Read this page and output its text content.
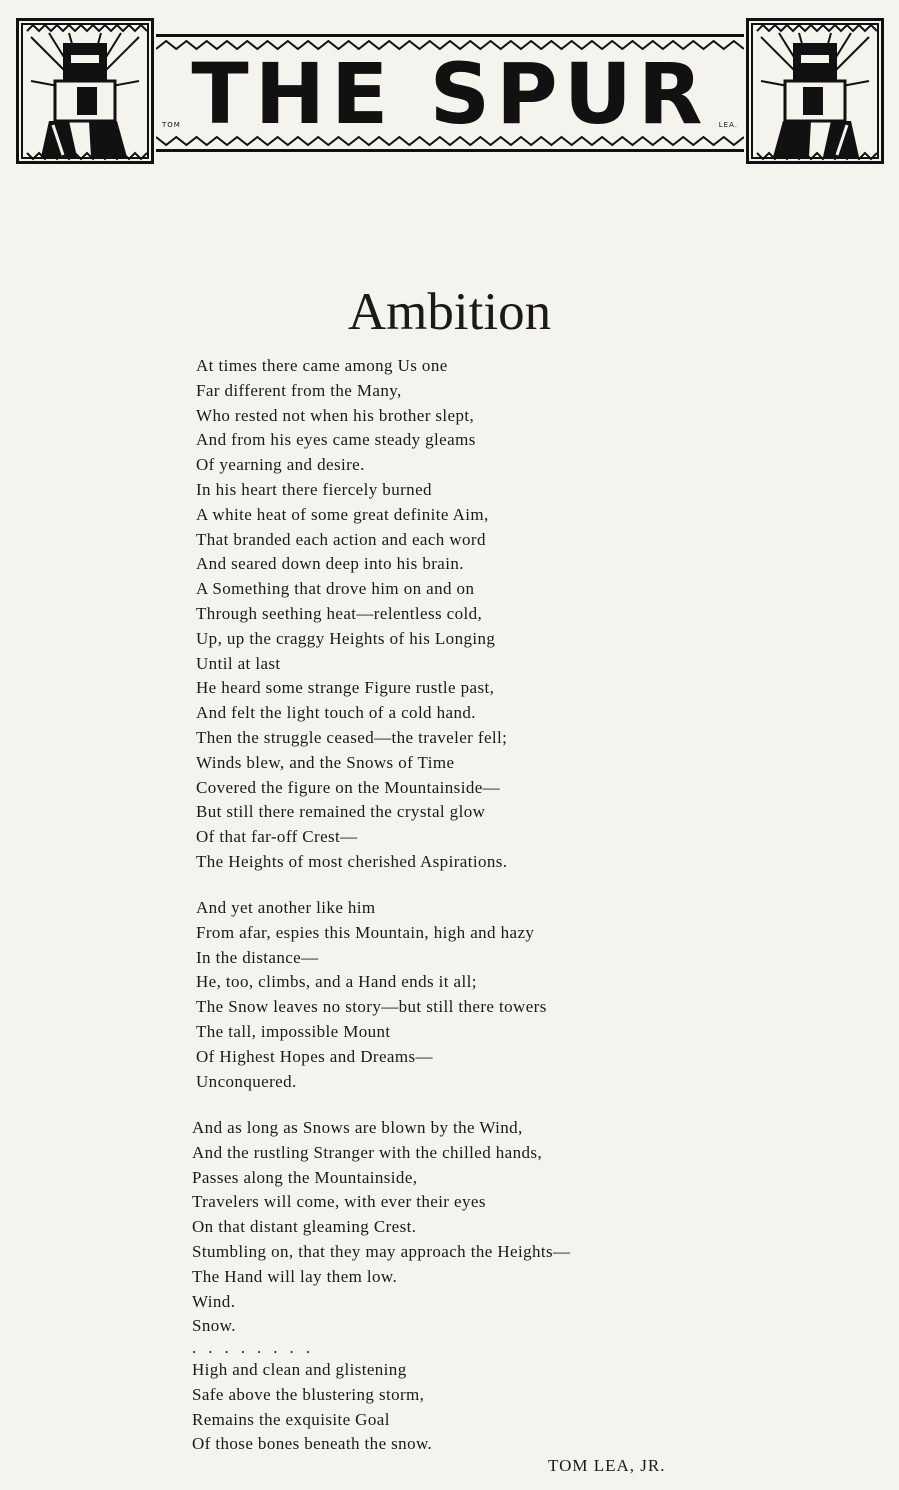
THE SPUR
TOM	LEA.
Ambition
At times there came among Us one
Far different from the Many,
Who rested not when his brother slept,
And from his eyes came steady gleams
Of yearning and desire.
In his heart there fiercely burned
A white heat of some great definite Aim,
That branded each action and each word
And seared down deep into his brain.
A Something that drove him on and on
Through seething heat—relentless cold,
Up, up the craggy Heights of his Longing
Until at last
He heard some strange Figure rustle past,
And felt the light touch of a cold hand.
Then the struggle ceased—the traveler fell;
Winds blew, and the Snows of Time
Covered the figure on the Mountainside—
But still there remained the crystal glow
Of that far-off Crest—
The Heights of most cherished Aspirations.
And yet another like him
From afar, espies this Mountain, high and hazy
In the distance—
He, too, climbs, and a Hand ends it all;
The Snow leaves no story—but still there towers
The tall, impossible Mount
Of Highest Hopes and Dreams—
Unconquered.
And as long as Snows are blown by the Wind,
And the rustling Stranger with the chilled hands,
Passes along the Mountainside,
Travelers will come, with ever their eyes
On that distant gleaming Crest.
Stumbling on, that they may approach the Heights—
The Hand will lay them low.
Wind.
Snow.
........
High and clean and glistening
Safe above the blustering storm,
Remains the exquisite Goal
Of those bones beneath the snow.
TOM LEA, JR.
